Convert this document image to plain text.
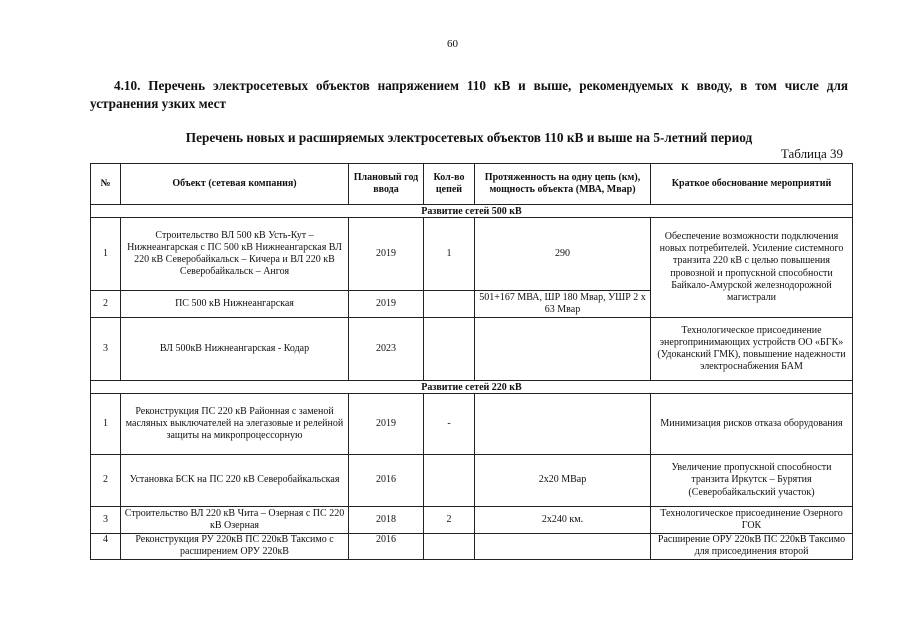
60
4.10. Перечень электросетевых объектов напряжением 110 кВ и выше, рекомендуемых к вводу, в том числе для устранения узких мест
Перечень новых и расширяемых электросетевых объектов 110 кВ и выше на 5-летний период
Таблица 39
№	Объект (сетевая компания)	Плановый год ввода	Кол-во цепей	Протяженность на одну цепь (км), мощность объекта (МВА, Мвар)	Краткое обоснование мероприятий
Развитие сетей 500 кВ					
1	Строительство ВЛ 500 кВ Усть-Кут – Нижнеангарская с ПС 500 кВ Нижнеангарская ВЛ 220 кВ Северобайкальск – Кичера и ВЛ 220 кВ Северобайкальск – Ангоя	2019	1	290	Обеспечение возможности подключения новых потребителей. Усиление системного транзита 220 кВ с целью повышения провозной и пропускной способности Байкало-Амурской железнодорожной магистрали
2	ПС 500 кВ Нижнеангарская	2019		501+167 МВА, ШР 180 Мвар, УШР 2 х 63 Мвар	
3	ВЛ 500кВ Нижнеангарская - Кодар	2023			Технологическое присоединение энергопринимающих устройств ОО «БГК» (Удоканский ГМК), повышение надежности электроснабжения БАМ
Развитие сетей 220 кВ					
1	Реконструкция ПС 220 кВ Районная с заменой масляных выключателей на элегазовые и релейной защиты на микропроцессорную	2019	-		Минимизация рисков отказа оборудования
2	Установка БСК на ПС 220 кВ Северобайкальская	2016		2х20 МВар	Увеличение пропускной способности транзита Иркутск – Бурятия (Северобайкальский участок)
3	Строительство ВЛ 220 кВ Чита – Озерная с ПС 220 кВ Озерная	2018	2	2х240 км.	Технологическое присоединение Озерного ГОК
4	Реконструкция РУ 220кВ ПС 220кВ Таксимо с расширением ОРУ 220кВ	2016			Расширение ОРУ 220кВ ПС 220кВ Таксимо для присоединения второй
